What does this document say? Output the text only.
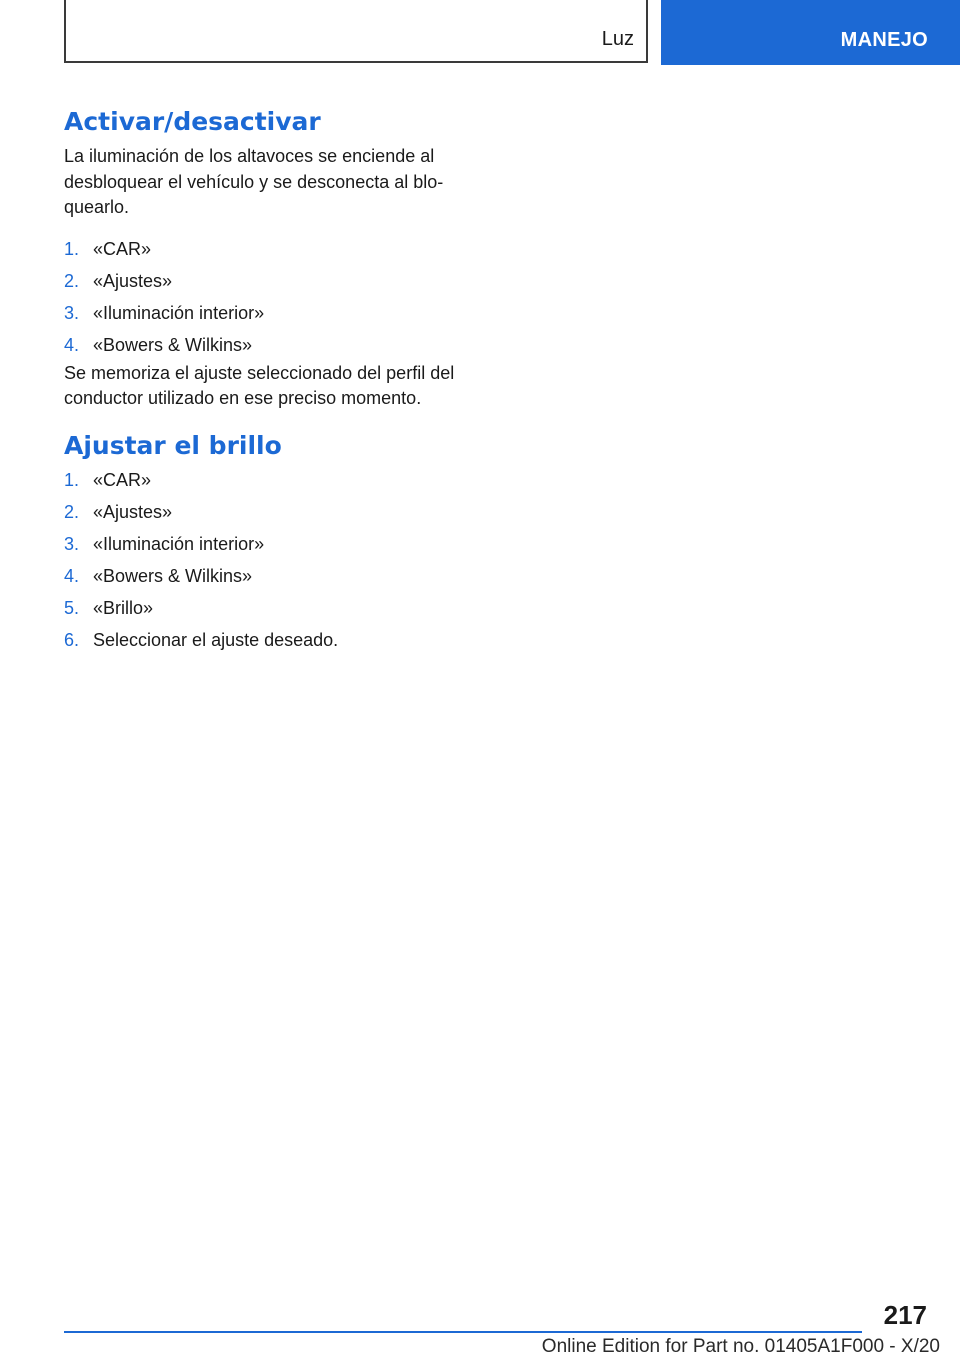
Luz	MANEJO
Activar/desactivar

La iluminación de los altavoces se enciende al
desbloquear el vehículo y se desconecta al blo-
quearlo.

1. «CAR»
2. «Ajustes»
3. «Iluminación interior»
4. «Bowers & Wilkins»

Se memoriza el ajuste seleccionado del perfil del
conductor utilizado en ese preciso momento.

Ajustar el brillo
1. «CAR»
2. «Ajustes»
3. «Iluminación interior»
4. «Bowers & Wilkins»
5. «Brillo»
6. Seleccionar el ajuste deseado.
217
Online Edition for Part no. 01405A1F000 - X/20
